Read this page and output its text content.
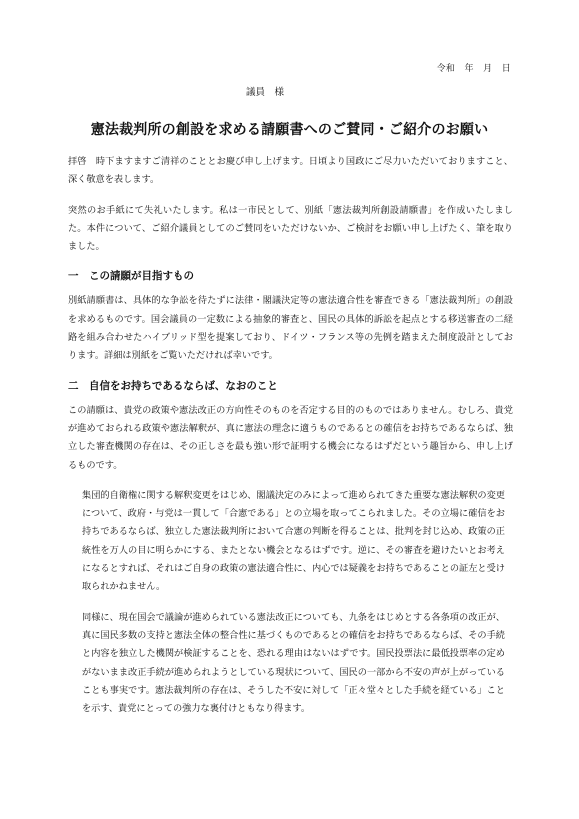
令和　年　月　日
議員　様
憲法裁判所の創設を求める請願書へのご賛同・ご紹介のお願い

拝啓　時下ますますご清祥のこととお慶び申し上げます。日頃より国政にご尽力いただいておりますこと、深く敬意を表します。

突然のお手紙にて失礼いたします。私は一市民として、別紙「憲法裁判所創設請願書」を作成いたしました。本件について、ご紹介議員としてのご賛同をいただけないか、ご検討をお願い申し上げたく、筆を取りました。

一　この請願が目指すもの

別紙請願書は、具体的な争訟を待たずに法律・閣議決定等の憲法適合性を審査できる「憲法裁判所」の創設を求めるものです。国会議員の一定数による抽象的審査と、国民の具体的訴訟を起点とする移送審査の二経路を組み合わせたハイブリッド型を提案しており、ドイツ・フランス等の先例を踏まえた制度設計としております。詳細は別紙をご覧いただければ幸いです。

二　自信をお持ちであるならば、なおのこと

この請願は、貴党の政策や憲法改正の方向性そのものを否定する目的のものではありません。むしろ、貴党が進めておられる政策や憲法解釈が、真に憲法の理念に適うものであるとの確信をお持ちであるならば、独立した審査機関の存在は、その正しさを最も強い形で証明する機会になるはずだという趣旨から、申し上げるものです。

集団的自衛権に関する解釈変更をはじめ、閣議決定のみによって進められてきた重要な憲法解釈の変更について、政府・与党は一貫して「合憲である」との立場を取ってこられました。その立場に確信をお持ちであるならば、独立した憲法裁判所において合憲の判断を得ることは、批判を封じ込め、政策の正統性を万人の目に明らかにする、またとない機会となるはずです。逆に、その審査を避けたいとお考えになるとすれば、それはご自身の政策の憲法適合性に、内心では疑義をお持ちであることの証左と受け取られかねません。

同様に、現在国会で議論が進められている憲法改正についても、九条をはじめとする各条項の改正が、真に国民多数の支持と憲法全体の整合性に基づくものであるとの確信をお持ちであるならば、その手続と内容を独立した機関が検証することを、恐れる理由はないはずです。国民投票法に最低投票率の定めがないまま改正手続が進められようとしている現状について、国民の一部から不安の声が上がっていることも事実です。憲法裁判所の存在は、そうした不安に対して「正々堂々とした手続を経ている」ことを示す、貴党にとっての強力な裏付けともなり得ます。
